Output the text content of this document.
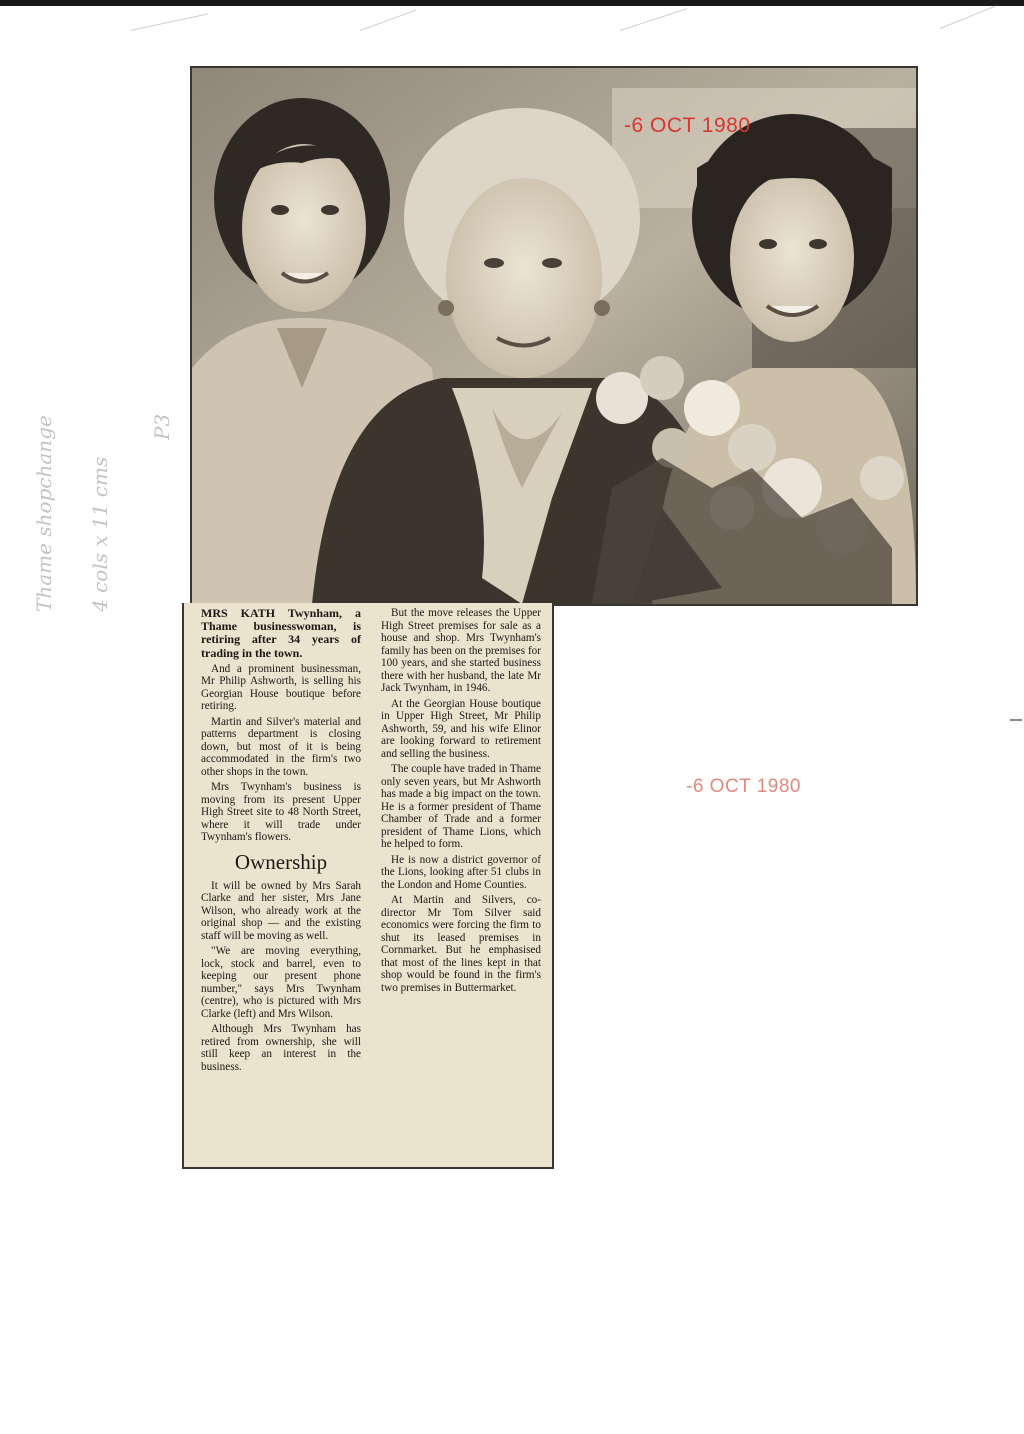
P3
4 cols x 11 cms
Thame shopchange
-6 OCT 1980

MRS KATH Twynham, a Thame businesswoman, is retiring after 34 years of trading in the town.

And a prominent businessman, Mr Philip Ashworth, is selling his Georgian House boutique before retiring.

Martin and Silver's material and patterns department is closing down, but most of it is being accommodated in the firm's two other shops in the town.

Mrs Twynham's business is moving from its present Upper High Street site to 48 North Street, where it will trade under Twynham's flowers.

Ownership

It will be owned by Mrs Sarah Clarke and her sister, Mrs Jane Wilson, who already work at the original shop — and the existing staff will be moving as well.

"We are moving everything, lock, stock and barrel, even to keeping our present phone number," says Mrs Twynham (centre), who is pictured with Mrs Clarke (left) and Mrs Wilson.

Although Mrs Twynham has retired from ownership, she will still keep an interest in the business.

But the move releases the Upper High Street premises for sale as a house and shop. Mrs Twynham's family has been on the premises for 100 years, and she started business there with her husband, the late Mr Jack Twynham, in 1946.

At the Georgian House boutique in Upper High Street, Mr Philip Ashworth, 59, and his wife Elinor are looking forward to retirement and selling the business.

The couple have traded in Thame only seven years, but Mr Ashworth has made a big impact on the town. He is a former president of Thame Chamber of Trade and a former president of Thame Lions, which he helped to form.

He is now a district governor of the Lions, looking after 51 clubs in the London and Home Counties.

At Martin and Silvers, co-director Mr Tom Silver said economics were forcing the firm to shut its leased premises in Cornmarket. But he emphasised that most of the lines kept in that shop would be found in the firm's two premises in Buttermarket.

-6 OCT 1980
